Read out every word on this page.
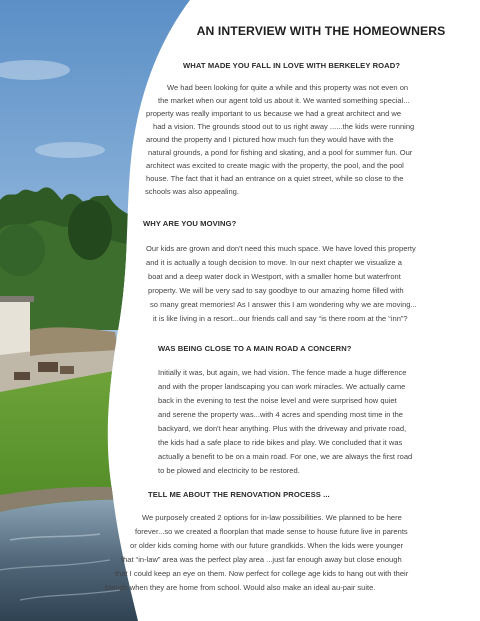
AN INTERVIEW WITH THE HOMEOWNERS
WHAT MADE YOU FALL IN LOVE WITH BERKELEY ROAD?
We had been looking for quite a while and this property was not even on
the market when our agent told us about it. We wanted something special...
property was really important to us because we had a great architect and we
had a vision. The grounds stood out to us right away ......the kids were running
around the property and I pictured how much fun they would have with the
natural grounds, a pond for fishing and skating, and a pool for summer fun. Our
architect was excited to create magic with the property, the pool, and the pool
house. The fact that it had an entrance on a quiet street, while so close to the
schools was also appealing.
WHY ARE YOU MOVING?
Our kids are grown and don't need this much space. We have loved this property
and it is actually a tough decision to move. In our next chapter we visualize a
boat and a deep water dock in Westport, with a smaller home but waterfront
property. We will be very sad to say goodbye to our amazing home filled with
so many great memories! As I answer this I am wondering why we are moving...
it is like living in a resort...our friends call and say “is there room at the “inn”?
WAS BEING CLOSE TO A MAIN ROAD A CONCERN?
Initially it was, but again, we had vision. The fence made a huge difference
and with the proper landscaping you can work miracles. We actually came
back in the evening to test the noise level and were surprised how quiet
and serene the property was...with 4 acres and spending most time in the
backyard, we don't hear anything. Plus with the driveway and private road,
the kids had a safe place to ride bikes and play. We concluded that it was
actually a benefit to be on a main road. For one, we are always the first road
to be plowed and electricity to be restored.
TELL ME ABOUT THE RENOVATION PROCESS ...
We purposely created 2 options for in-law possibilities. We planned to be here
forever...so we created a floorplan that made sense to house future live in parents
or older kids coming home with our future grandkids. When the kids were younger
that “in-law” area was the perfect play area ...just far enough away but close enough
that I could keep an eye on them. Now perfect for college age kids to hang out with their
friends when they are home from school. Would also make an ideal au-pair suite.
